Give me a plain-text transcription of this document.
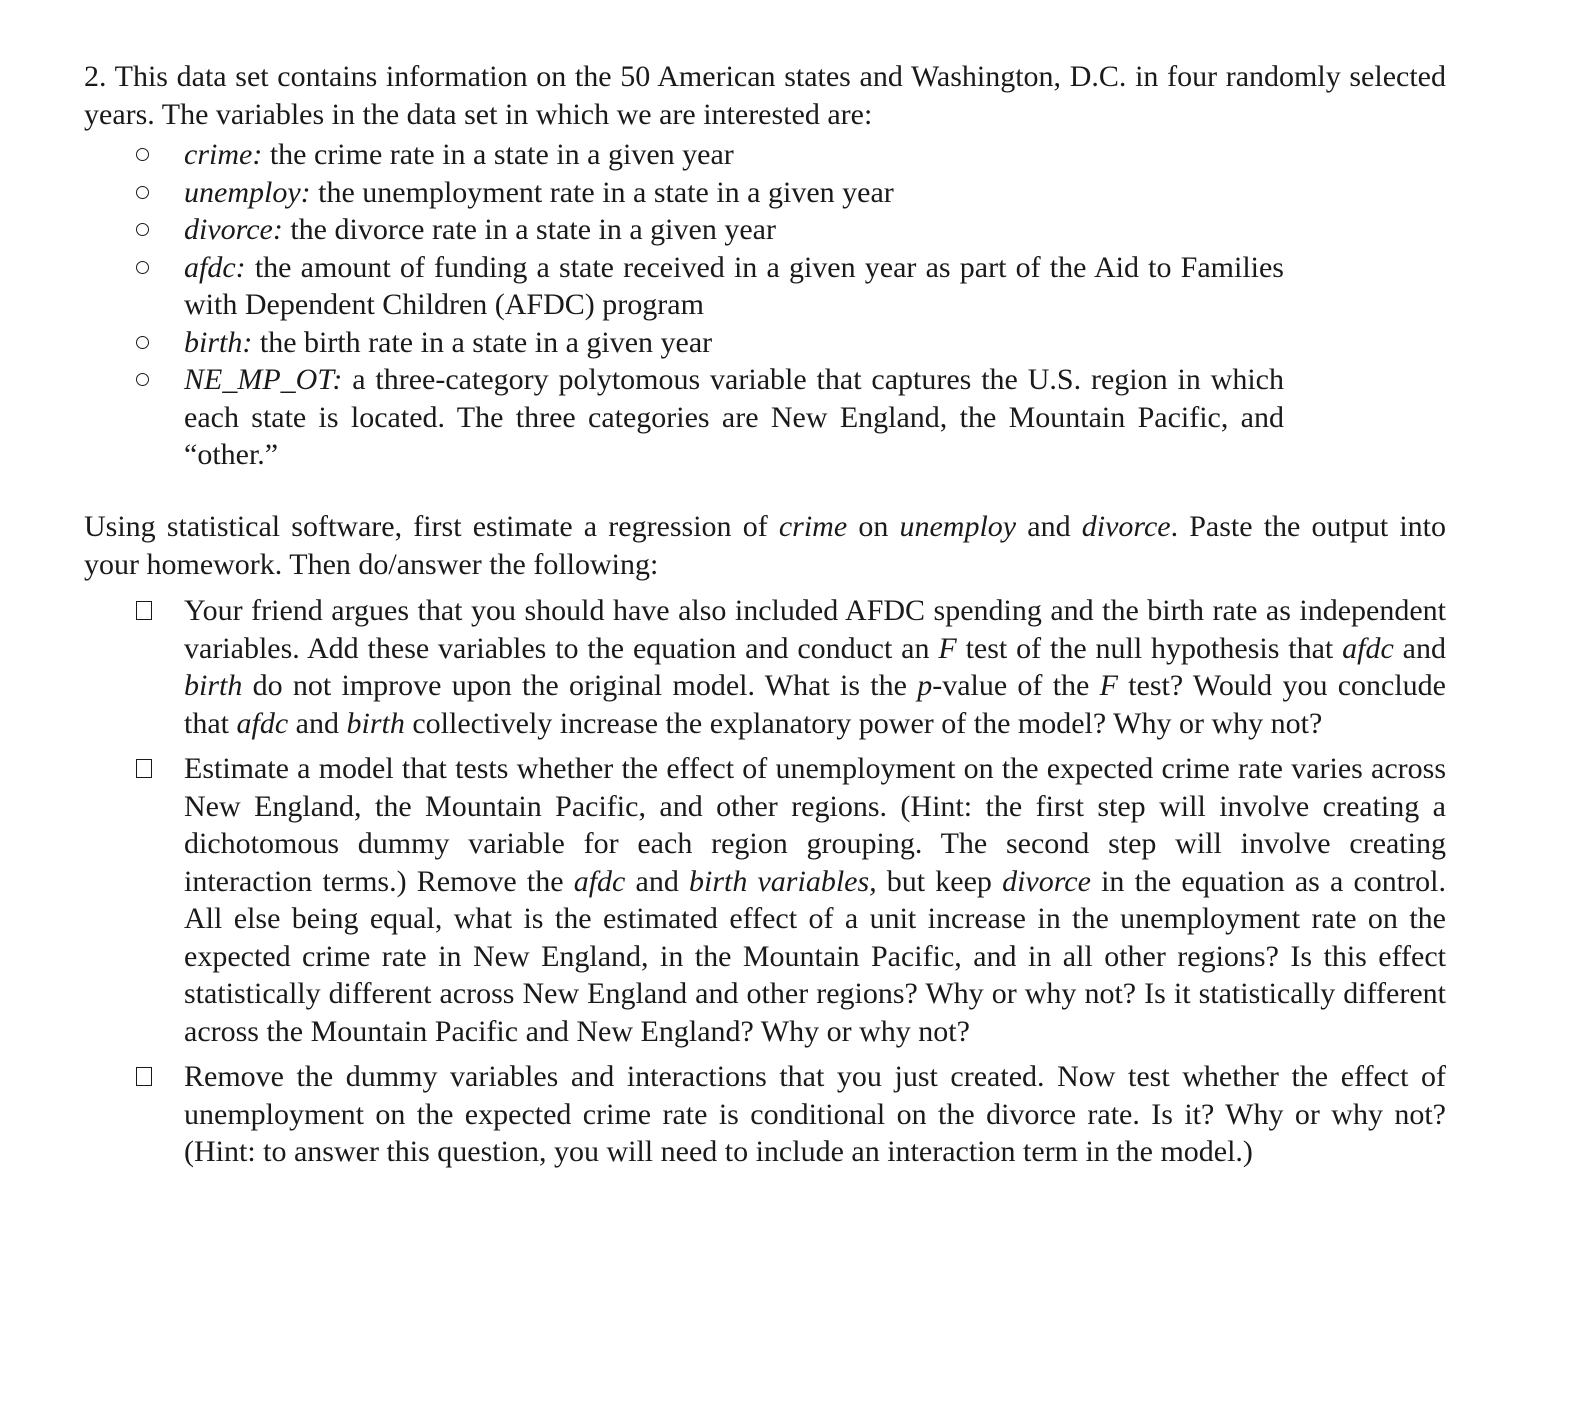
2. This data set contains information on the 50 American states and Washington, D.C. in four randomly selected years. The variables in the data set in which we are interested are:

crime: the crime rate in a state in a given year
unemploy: the unemployment rate in a state in a given year
divorce: the divorce rate in a state in a given year
afdc: the amount of funding a state received in a given year as part of the Aid to Families with Dependent Children (AFDC) program
birth: the birth rate in a state in a given year
NE_MP_OT: a three-category polytomous variable that captures the U.S. region in which each state is located. The three categories are New England, the Mountain Pacific, and “other.”

Using statistical software, first estimate a regression of crime on unemploy and divorce. Paste the output into your homework. Then do/answer the following:

Your friend argues that you should have also included AFDC spending and the birth rate as independent variables. Add these variables to the equation and conduct an F test of the null hypothesis that afdc and birth do not improve upon the original model. What is the p-value of the F test? Would you conclude that afdc and birth collectively increase the explanatory power of the model? Why or why not?
Estimate a model that tests whether the effect of unemployment on the expected crime rate varies across New England, the Mountain Pacific, and other regions. (Hint: the first step will involve creating a dichotomous dummy variable for each region grouping. The second step will involve creating interaction terms.) Remove the afdc and birth variables, but keep divorce in the equation as a control. All else being equal, what is the estimated effect of a unit increase in the unemployment rate on the expected crime rate in New England, in the Mountain Pacific, and in all other regions? Is this effect statistically different across New England and other regions? Why or why not? Is it statistically different across the Mountain Pacific and New England? Why or why not?
Remove the dummy variables and interactions that you just created. Now test whether the effect of unemployment on the expected crime rate is conditional on the divorce rate. Is it? Why or why not? (Hint: to answer this question, you will need to include an interaction term in the model.)
